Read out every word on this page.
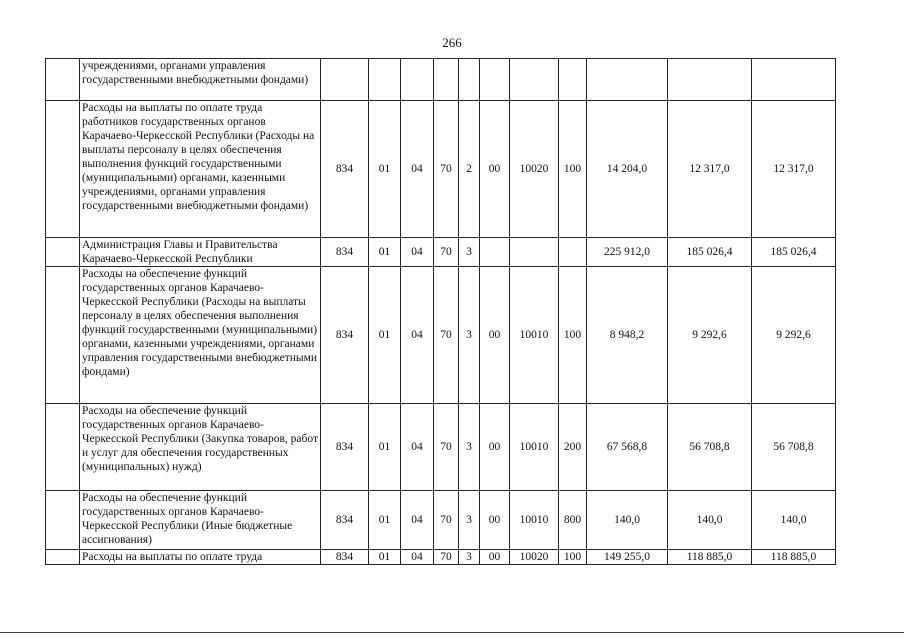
266
	учреждениями, органами управления государственными внебюджетными фондами)											
	Расходы на выплаты по оплате труда работников государственных органов Карачаево-Черкесской Республики (Расходы на выплаты персоналу в целях обеспечения выполнения функций государственными (муниципальными) органами, казенными учреждениями, органами управления государственными внебюджетными фондами)	834	01	04	70	2	00	10020	100	14 204,0	12 317,0	12 317,0
	Администрация Главы и Правительства Карачаево-Черкесской Республики	834	01	04	70	3				225 912,0	185 026,4	185 026,4
	Расходы на обеспечение функций государственных органов Карачаево-Черкесской Республики (Расходы на выплаты персоналу в целях обеспечения выполнения функций государственными (муниципальными) органами, казенными учреждениями, органами управления государственными внебюджетными фондами)	834	01	04	70	3	00	10010	100	8 948,2	9 292,6	9 292,6
	Расходы на обеспечение функций государственных органов Карачаево-Черкесской Республики (Закупка товаров, работ и услуг для обеспечения государственных (муниципальных) нужд)	834	01	04	70	3	00	10010	200	67 568,8	56 708,8	56 708,8
	Расходы на обеспечение функций государственных органов Карачаево-Черкесской Республики (Иные бюджетные ассигнования)	834	01	04	70	3	00	10010	800	140,0	140,0	140,0
	Расходы на выплаты по оплате труда	834	01	04	70	3	00	10020	100	149 255,0	118 885,0	118 885,0
